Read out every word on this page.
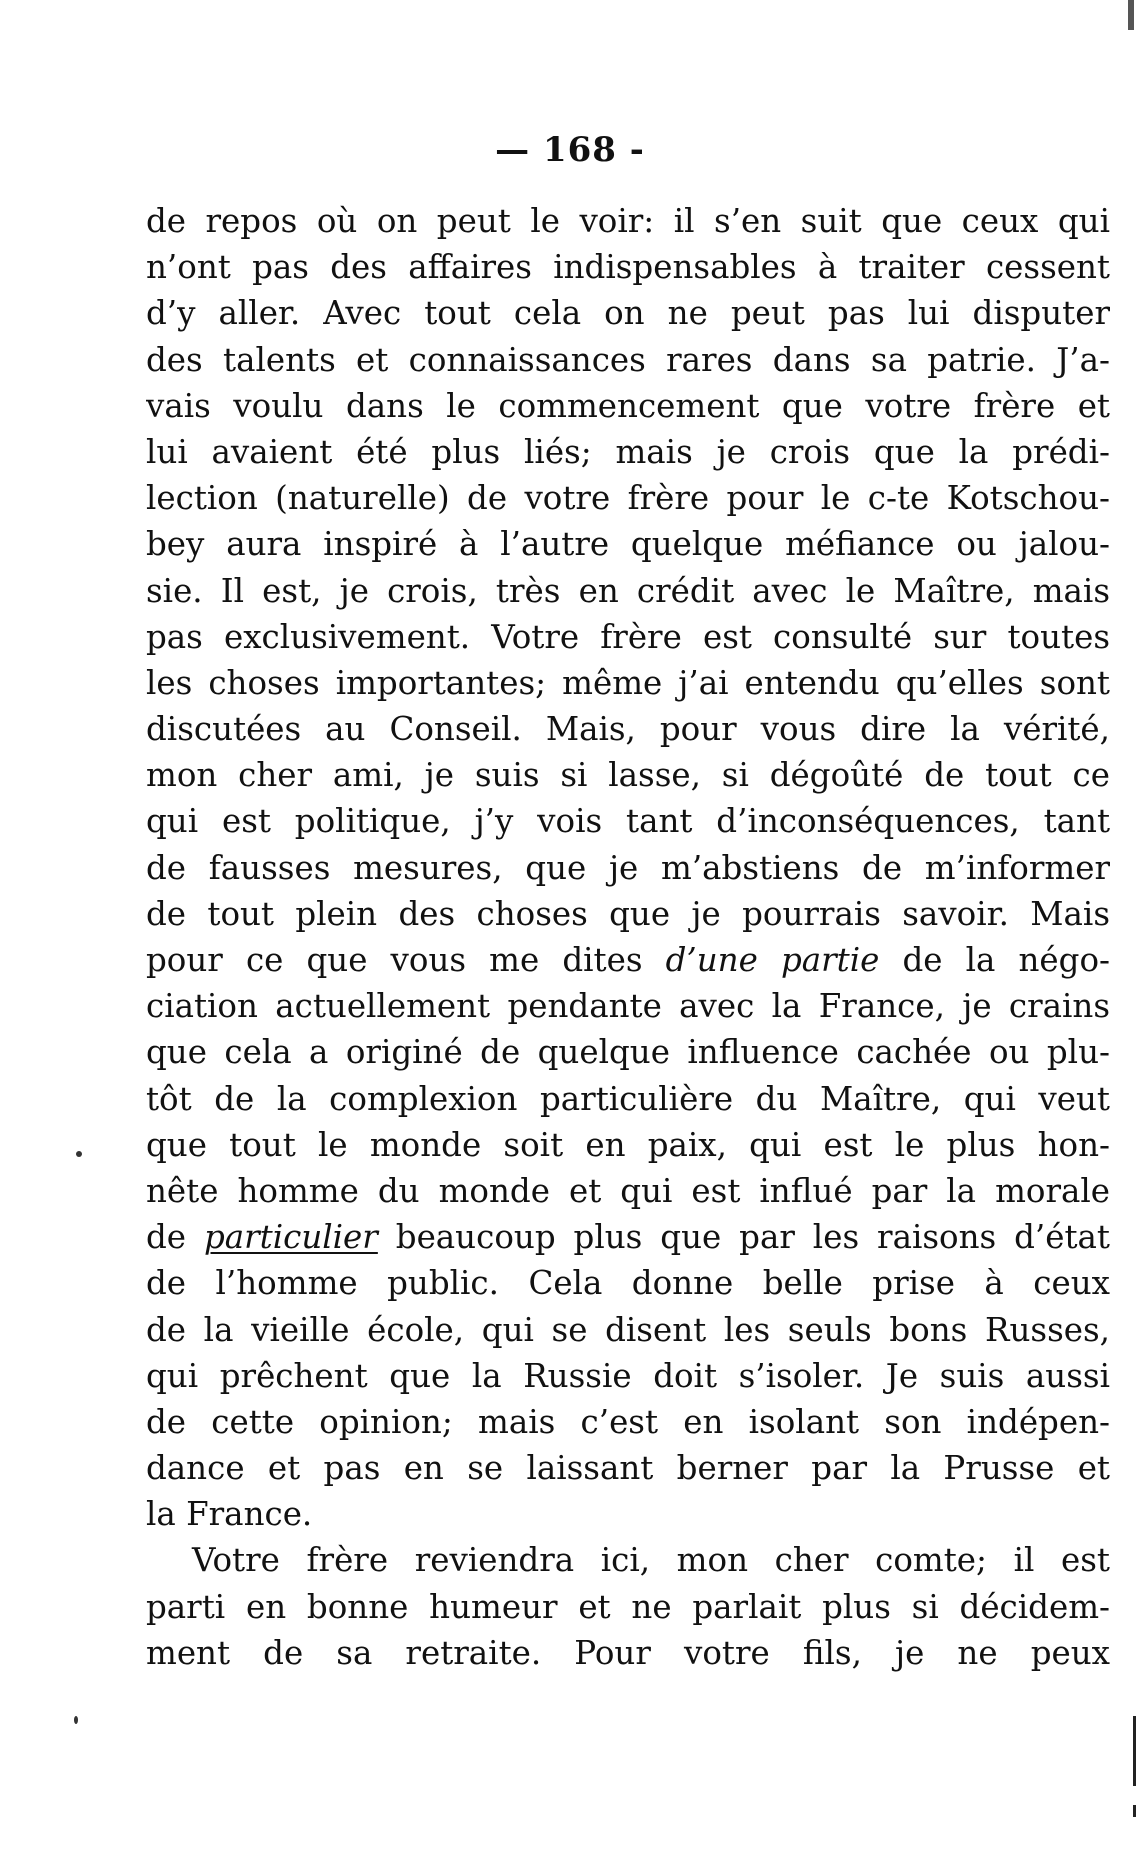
— 168 -
de repos où on peut le voir: il s’en suit que ceux qui
n’ont pas des affaires indispensables à traiter cessent
d’y aller. Avec tout cela on ne peut pas lui disputer
des talents et connaissances rares dans sa patrie. J’a-
vais voulu dans le commencement que votre frère et
lui avaient été plus liés; mais je crois que la prédi-
lection (naturelle) de votre frère pour le c-te Kotschou-
bey aura inspiré à l’autre quelque méfiance ou jalou-
sie. Il est, je crois, très en crédit avec le Maître, mais
pas exclusivement. Votre frère est consulté sur toutes
les choses importantes; même j’ai entendu qu’elles sont
discutées au Conseil. Mais, pour vous dire la vérité,
mon cher ami, je suis si lasse, si dégoûté de tout ce
qui est politique, j’y vois tant d’inconséquences, tant
de fausses mesures, que je m’abstiens de m’informer
de tout plein des choses que je pourrais savoir. Mais
pour ce que vous me dites d’une partie de la négo-
ciation actuellement pendante avec la France, je crains
que cela a originé de quelque influence cachée ou plu-
tôt de la complexion particulière du Maître, qui veut
que tout le monde soit en paix, qui est le plus hon-
nête homme du monde et qui est influé par la morale
de particulier beaucoup plus que par les raisons d’état
de l’homme public. Cela donne belle prise à ceux
de la vieille école, qui se disent les seuls bons Russes,
qui prêchent que la Russie doit s’isoler. Je suis aussi
de cette opinion; mais c’est en isolant son indépen-
dance et pas en se laissant berner par la Prusse et
la France.
Votre frère reviendra ici, mon cher comte; il est
parti en bonne humeur et ne parlait plus si décidem-
ment de sa retraite. Pour votre fils, je ne peux
